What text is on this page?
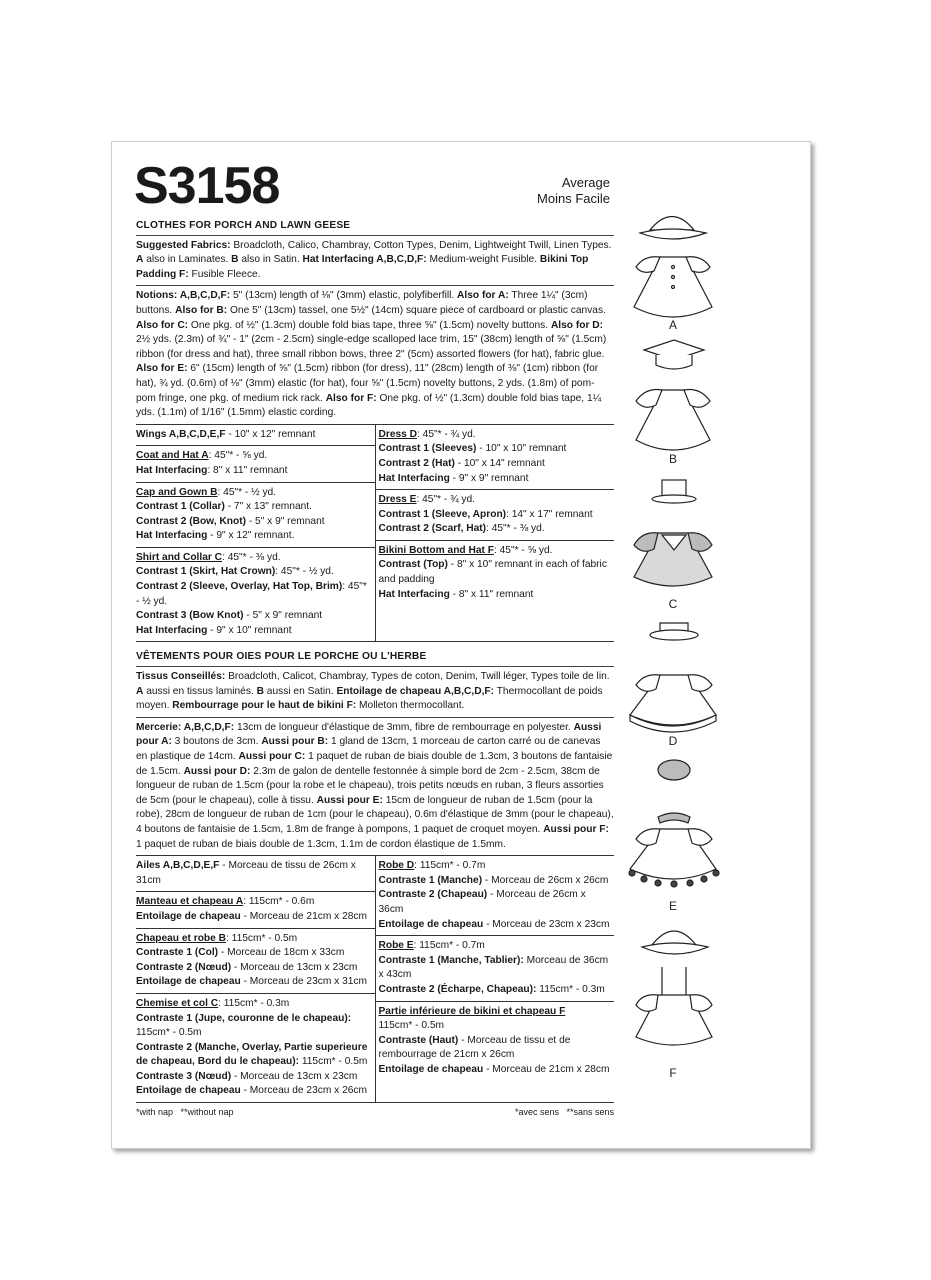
S3158	Average
Moins Facile
CLOTHES FOR PORCH AND LAWN GEESE

Suggested Fabrics: Broadcloth, Calico, Chambray, Cotton Types, Denim, Lightweight Twill, Linen Types. A also in Laminates. B also in Satin. Hat Interfacing A,B,C,D,F: Medium-weight Fusible. Bikini Top Padding F: Fusible Fleece.

Notions: A,B,C,D,F: 5" (13cm) length of ⅛" (3mm) elastic, polyfiberfill. Also for A: Three 1¼" (3cm) buttons. Also for B: One 5" (13cm) tassel, one 5½" (14cm) square piece of cardboard or plastic canvas. Also for C: One pkg. of ½" (1.3cm) double fold bias tape, three ⅝" (1.5cm) novelty buttons. Also for D: 2½ yds. (2.3m) of ¾" - 1" (2cm - 2.5cm) single-edge scalloped lace trim, 15" (38cm) length of ⅝" (1.5cm) ribbon (for dress and hat), three small ribbon bows, three 2" (5cm) assorted flowers (for hat), fabric glue. Also for E: 6" (15cm) length of ⅝" (1.5cm) ribbon (for dress), 11" (28cm) length of ⅜" (1cm) ribbon (for hat), ¾ yd. (0.6m) of ⅛" (3mm) elastic (for hat), four ⅝" (1.5cm) novelty buttons, 2 yds. (1.8m) of pom-pom fringe, one pkg. of medium rick rack. Also for F: One pkg. of ½" (1.3cm) double fold bias tape, 1¼ yds. (1.1m) of 1/16" (1.5mm) elastic cording.

Wings A,B,C,D,E,F - 10" x 12" remnant
Coat and Hat A: 45"* - ⅝ yd.
Hat Interfacing: 8" x 11" remnant
Cap and Gown B: 45"* - ½ yd.
Contrast 1 (Collar) - 7" x 13" remnant.
Contrast 2 (Bow, Knot) - 5" x 9" remnant
Hat Interfacing - 9" x 12" remnant.
Shirt and Collar C: 45"* - ⅜ yd.
Contrast 1 (Skirt, Hat Crown): 45"* - ½ yd.
Contrast 2 (Sleeve, Overlay, Hat Top, Brim): 45"* - ½ yd.
Contrast 3 (Bow Knot) - 5" x 9" remnant
Hat Interfacing - 9" x 10" remnant
Dress D: 45"* - ¾ yd.
Contrast 1 (Sleeves) - 10" x 10" remnant
Contrast 2 (Hat) - 10" x 14" remnant
Hat Interfacing - 9" x 9" remnant
Dress E: 45"* - ¾ yd.
Contrast 1 (Sleeve, Apron): 14" x 17" remnant
Contrast 2 (Scarf, Hat): 45"* - ⅜ yd.
Bikini Bottom and Hat F: 45"* - ⅝ yd.
Contrast (Top) - 8" x 10" remnant in each of fabric and padding
Hat Interfacing - 8" x 11" remnant
VÊTEMENTS POUR OIES POUR LE PORCHE OU L'HERBE

Tissus Conseillés: Broadcloth, Calicot, Chambray, Types de coton, Denim, Twill léger, Types toile de lin. A aussi en tissus laminés. B aussi en Satin. Entoilage de chapeau A,B,C,D,F: Thermocollant de poids moyen. Rembourrage pour le haut de bikini F: Molleton thermocollant.

Mercerie: A,B,C,D,F: 13cm de longueur d'élastique de 3mm, fibre de rembourrage en polyester. Aussi pour A: 3 boutons de 3cm. Aussi pour B: 1 gland de 13cm, 1 morceau de carton carré ou de canevas en plastique de 14cm. Aussi pour C: 1 paquet de ruban de biais double de 1.3cm, 3 boutons de fantaisie de 1.5cm. Aussi pour D: 2.3m de galon de dentelle festonnée à simple bord de 2cm - 2.5cm, 38cm de longueur de ruban de 1.5cm (pour la robe et le chapeau), trois petits nœuds en ruban, 3 fleurs assorties de 5cm (pour le chapeau), colle à tissu. Aussi pour E: 15cm de longueur de ruban de 1.5cm (pour la robe), 28cm de longueur de ruban de 1cm (pour le chapeau), 0.6m d'élastique de 3mm (pour le chapeau), 4 boutons de fantaisie de 1.5cm, 1.8m de frange à pompons, 1 paquet de croquet moyen. Aussi pour F: 1 paquet de ruban de biais double de 1.3cm, 1.1m de cordon élastique de 1.5mm.

Ailes A,B,C,D,E,F - Morceau de tissu de 26cm x 31cm
Manteau et chapeau A: 115cm* - 0.6m
Entoilage de chapeau - Morceau de 21cm x 28cm
Chapeau et robe B: 115cm* - 0.5m
Contraste 1 (Col) - Morceau de 18cm x 33cm
Contraste 2 (Nœud) - Morceau de 13cm x 23cm
Entoilage de chapeau - Morceau de 23cm x 31cm
Chemise et col C: 115cm* - 0.3m
Contraste 1 (Jupe, couronne de le chapeau): 115cm* - 0.5m
Contraste 2 (Manche, Overlay, Partie superieure de chapeau, Bord du le chapeau): 115cm* - 0.5m
Contraste 3 (Nœud) - Morceau de 13cm x 23cm
Entoilage de chapeau - Morceau de 23cm x 26cm
Robe D: 115cm* - 0.7m
Contraste 1 (Manche) - Morceau de 26cm x 26cm
Contraste 2 (Chapeau) - Morceau de 26cm x 36cm
Entoilage de chapeau - Morceau de 23cm x 23cm
Robe E: 115cm* - 0.7m
Contraste 1 (Manche, Tablier): Morceau de 36cm x 43cm
Contraste 2 (Écharpe, Chapeau): 115cm* - 0.3m
Partie inférieure de bikini et chapeau F
115cm* - 0.5m
Contraste (Haut) - Morceau de tissu et de rembourrage de 21cm x 26cm
Entoilage de chapeau - Morceau de 21cm x 28cm
*with nap   **without nap	*avec sens   **sans sens
A
B
C
D
E
F
